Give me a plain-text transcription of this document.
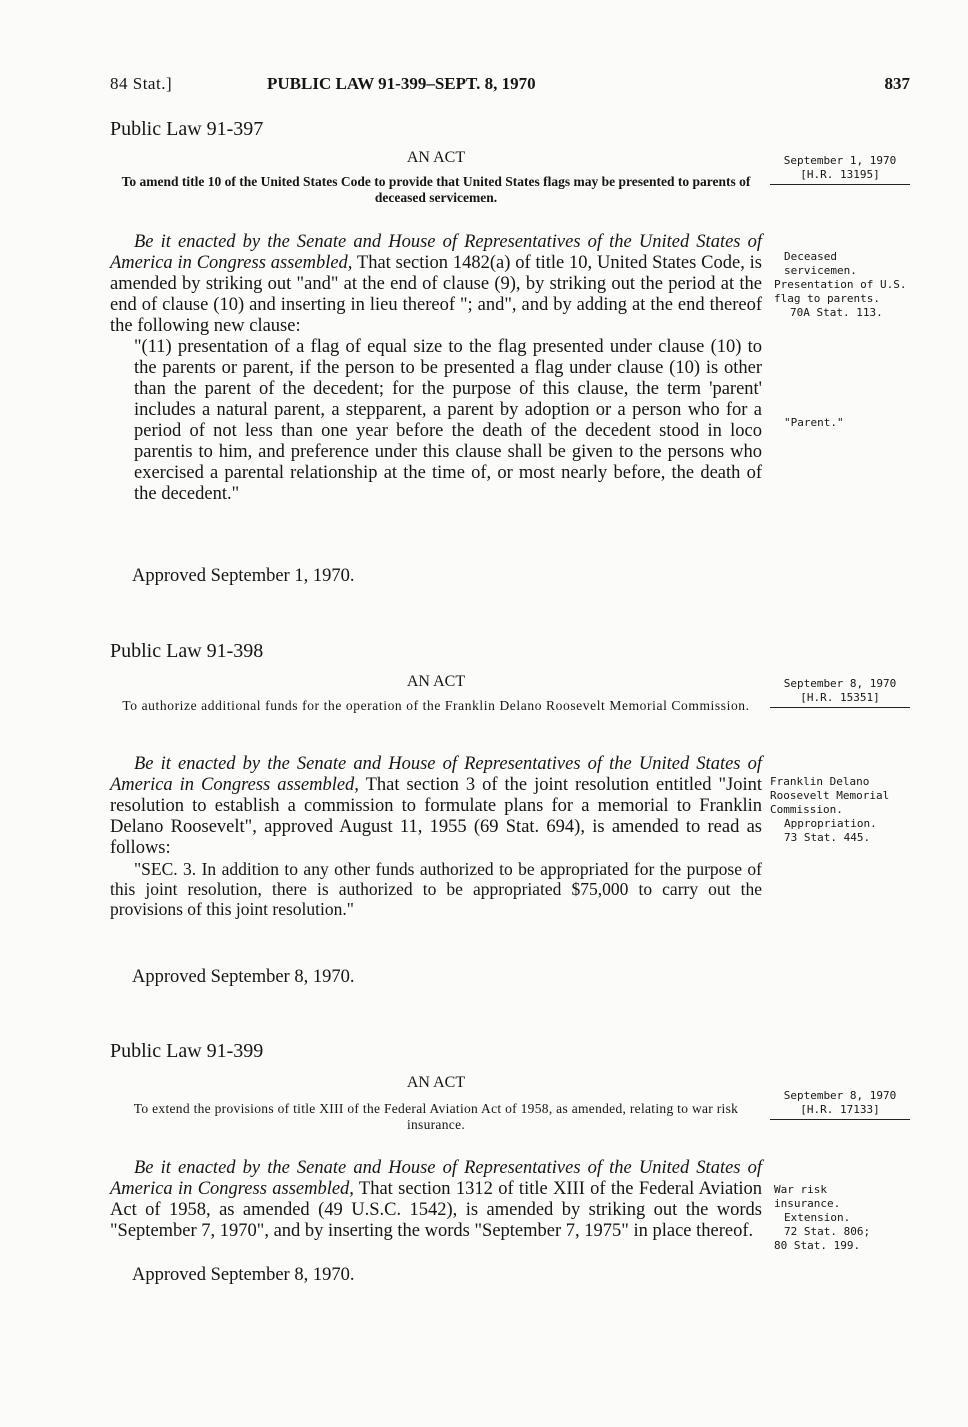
84 Stat.]	PUBLIC LAW 91-399–SEPT. 8, 1970	837
Public Law 91-397
AN ACT
To amend title 10 of the United States Code to provide that United States flags may be presented to parents of deceased servicemen.
September 1, 1970
[H.R. 13195]

Be it enacted by the Senate and House of Representatives of the United States of America in Congress assembled, That section 1482(a) of title 10, United States Code, is amended by striking out "and" at the end of clause (9), by striking out the period at the end of clause (10) and inserting in lieu thereof "; and", and by adding at the end thereof the following new clause:

"(11) presentation of a flag of equal size to the flag presented under clause (10) to the parents or parent, if the person to be presented a flag under clause (10) is other than the parent of the decedent; for the purpose of this clause, the term 'parent' includes a natural parent, a stepparent, a parent by adoption or a person who for a period of not less than one year before the death of the decedent stood in loco parentis to him, and preference under this clause shall be given to the persons who exercised a parental relationship at the time of, or most nearly before, the death of the decedent."

Approved September 1, 1970.
Deceased servicemen.
Presentation of U.S. flag to parents.
70A Stat. 113.
"Parent."
Public Law 91-398
AN ACT
To authorize additional funds for the operation of the Franklin Delano Roosevelt Memorial Commission.
September 8, 1970
[H.R. 15351]

Be it enacted by the Senate and House of Representatives of the United States of America in Congress assembled, That section 3 of the joint resolution entitled "Joint resolution to establish a commission to formulate plans for a memorial to Franklin Delano Roosevelt", approved August 11, 1955 (69 Stat. 694), is amended to read as follows:

"SEC. 3. In addition to any other funds authorized to be appropriated for the purpose of this joint resolution, there is authorized to be appropriated $75,000 to carry out the provisions of this joint resolution."

Approved September 8, 1970.
Franklin Delano Roosevelt Memorial Commission.
Appropriation.
73 Stat. 445.
Public Law 91-399
AN ACT
To extend the provisions of title XIII of the Federal Aviation Act of 1958, as amended, relating to war risk insurance.
September 8, 1970
[H.R. 17133]

Be it enacted by the Senate and House of Representatives of the United States of America in Congress assembled, That section 1312 of title XIII of the Federal Aviation Act of 1958, as amended (49 U.S.C. 1542), is amended by striking out the words "September 7, 1970", and by inserting the words "September 7, 1975" in place thereof.

Approved September 8, 1970.
War risk insurance.
Extension.
72 Stat. 806;
80 Stat. 199.
